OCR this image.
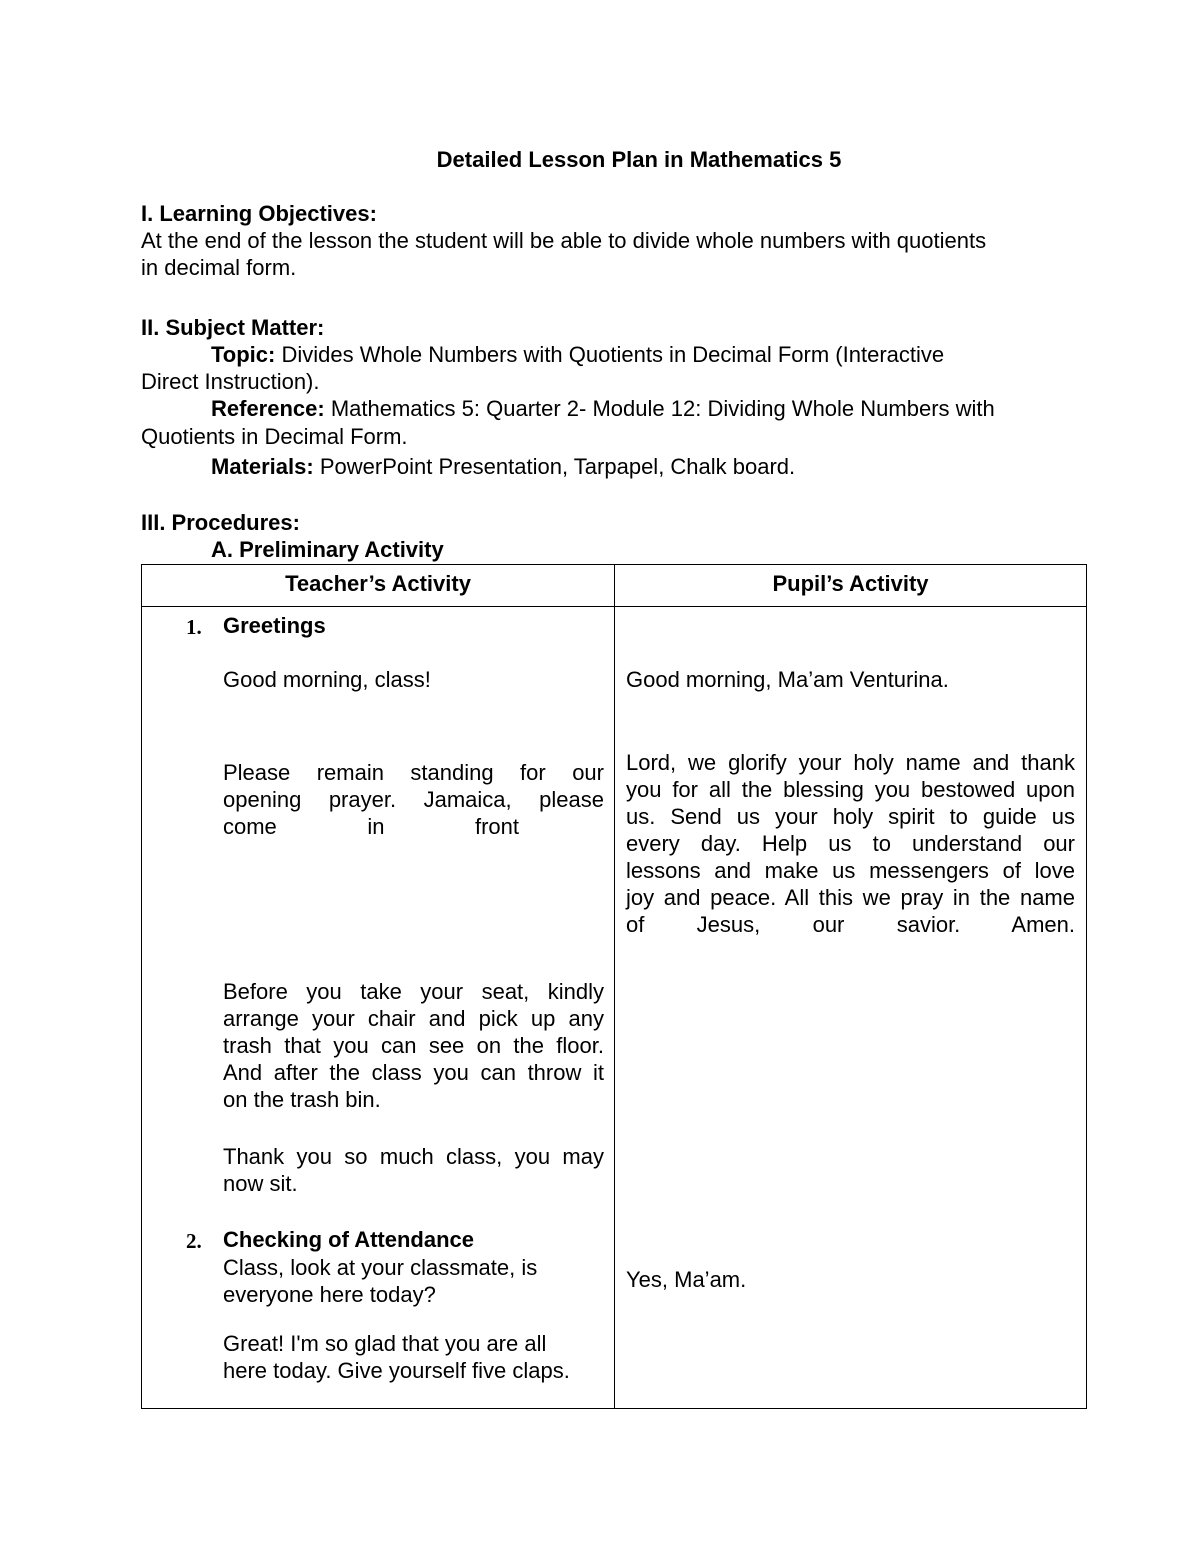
Detailed Lesson Plan in Mathematics 5
I. Learning Objectives:
At the end of the lesson the student will be able to divide whole numbers with quotients
in decimal form.
II. Subject Matter:
Topic: Divides Whole Numbers with Quotients in Decimal Form (Interactive
Direct Instruction).
Reference: Mathematics 5: Quarter 2- Module 12: Dividing Whole Numbers with
Quotients in Decimal Form.
Materials: PowerPoint Presentation, Tarpapel, Chalk board.
III. Procedures:
A. Preliminary Activity
Teacher’s Activity	Pupil’s Activity
1. Greetings
Good morning, class!	Good morning, Ma’am Venturina.
Please remain standing for our
opening prayer. Jamaica, please
come in front
Lord, we glorify your holy name and thank
you for all the blessing you bestowed upon
us. Send us your holy spirit to guide us
every day. Help us to understand our
lessons and make us messengers of love
joy and peace. All this we pray in the name
of Jesus, our savior. Amen.
Before you take your seat, kindly
arrange your chair and pick up any
trash that you can see on the floor.
And after the class you can throw it
on the trash bin.
Thank you so much class, you may
now sit.
2. Checking of Attendance
Class, look at your classmate, is
everyone here today?
Yes, Ma’am.
Great! I'm so glad that you are all
here today. Give yourself five claps.
